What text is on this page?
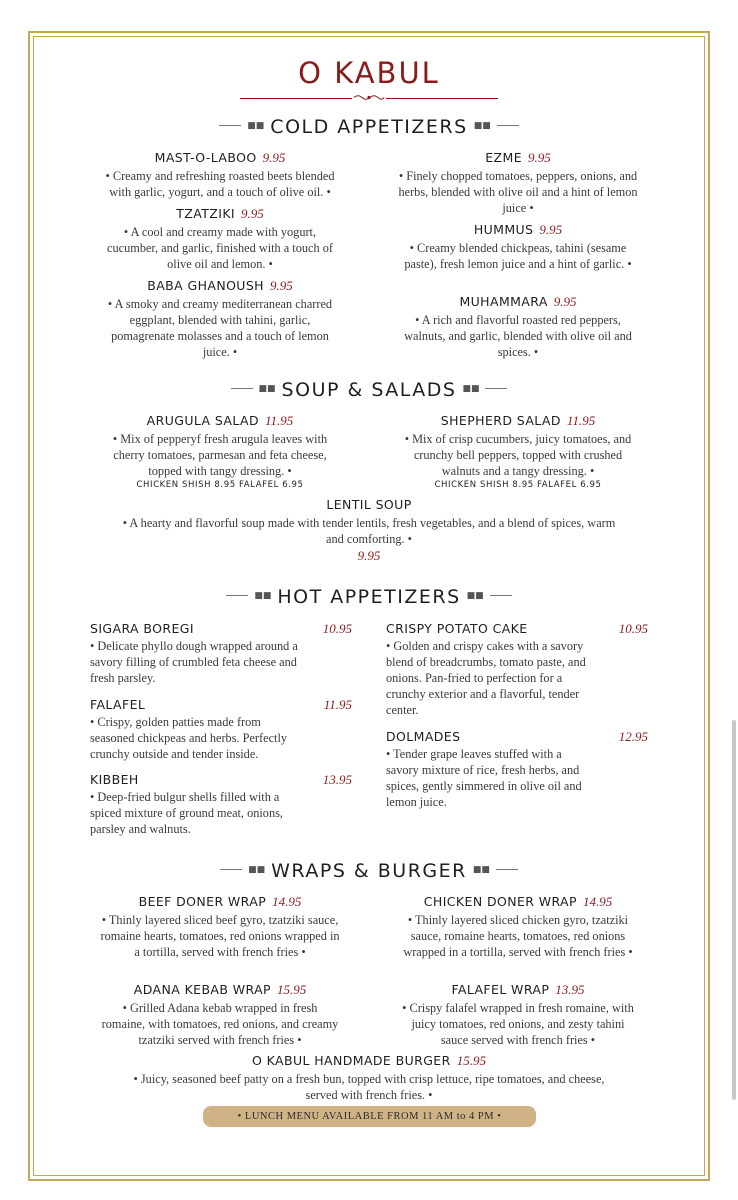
O KABUL
■■ COLD APPETIZERS ■■
MAST-O-LABOO 9.95
• Creamy and refreshing roasted beets blended with garlic, yogurt, and a touch of olive oil. •
TZATZIKI 9.95
• A cool and creamy made with yogurt, cucumber, and garlic, finished with a touch of olive oil and lemon. •
BABA GHANOUSH 9.95
• A smoky and creamy mediterranean charred eggplant, blended with tahini, garlic, pomagrenate molasses and a touch of lemon juice. •
EZME 9.95
• Finely chopped tomatoes, peppers, onions, and herbs, blended with olive oil and a hint of lemon juice •
HUMMUS 9.95
• Creamy blended chickpeas, tahini (sesame paste), fresh lemon juice and a hint of garlic. •
MUHAMMARA 9.95
• A rich and flavorful roasted red peppers, walnuts, and garlic, blended with olive oil and spices. •
■■ SOUP & SALADS ■■
ARUGULA SALAD 11.95
• Mix of pepperyf fresh arugula leaves with cherry tomatoes, parmesan and feta cheese, topped with tangy dressing. •
CHICKEN SHISH 8.95 FALAFEL 6.95
SHEPHERD SALAD 11.95
• Mix of crisp cucumbers, juicy tomatoes, and crunchy bell peppers, topped with crushed walnuts and a tangy dressing. •
CHICKEN SHISH 8.95 FALAFEL 6.95
LENTIL SOUP
• A hearty and flavorful soup made with tender lentils, fresh vegetables, and a blend of spices, warm and comforting. •
9.95
■■ HOT APPETIZERS ■■
SIGARA BOREGI	10.95
• Delicate phyllo dough wrapped around a savory filling of crumbled feta cheese and fresh parsley.
FALAFEL	11.95
• Crispy, golden patties made from seasoned chickpeas and herbs. Perfectly crunchy outside and tender inside.
KIBBEH	13.95
• Deep-fried bulgur shells filled with a spiced mixture of ground meat, onions, parsley and walnuts.
CRISPY POTATO CAKE	10.95
• Golden and crispy cakes with a savory blend of breadcrumbs, tomato paste, and onions. Pan-fried to perfection for a crunchy exterior and a flavorful, tender center.
DOLMADES	12.95
• Tender grape leaves stuffed with a savory mixture of rice, fresh herbs, and spices, gently simmered in olive oil and lemon juice.
■■ WRAPS & BURGER ■■
BEEF DONER WRAP 14.95
• Thinly layered sliced beef gyro, tzatziki sauce, romaine hearts, tomatoes, red onions wrapped in a tortilla, served with french fries •
ADANA KEBAB WRAP 15.95
• Grilled Adana kebab wrapped in fresh romaine, with tomatoes, red onions, and creamy tzatziki served with french fries •
CHICKEN DONER WRAP 14.95
• Thinly layered sliced chicken gyro, tzatziki sauce, romaine hearts, tomatoes, red onions wrapped in a tortilla, served with french fries •
FALAFEL WRAP 13.95
• Crispy falafel wrapped in fresh romaine, with juicy tomatoes, red onions, and zesty tahini sauce served with french fries •
O KABUL HANDMADE BURGER 15.95
• Juicy, seasoned beef patty on a fresh bun, topped with crisp lettuce, ripe tomatoes, and cheese, served with french fries. •
• LUNCH MENU AVAILABLE FROM 11 AM to 4 PM •
